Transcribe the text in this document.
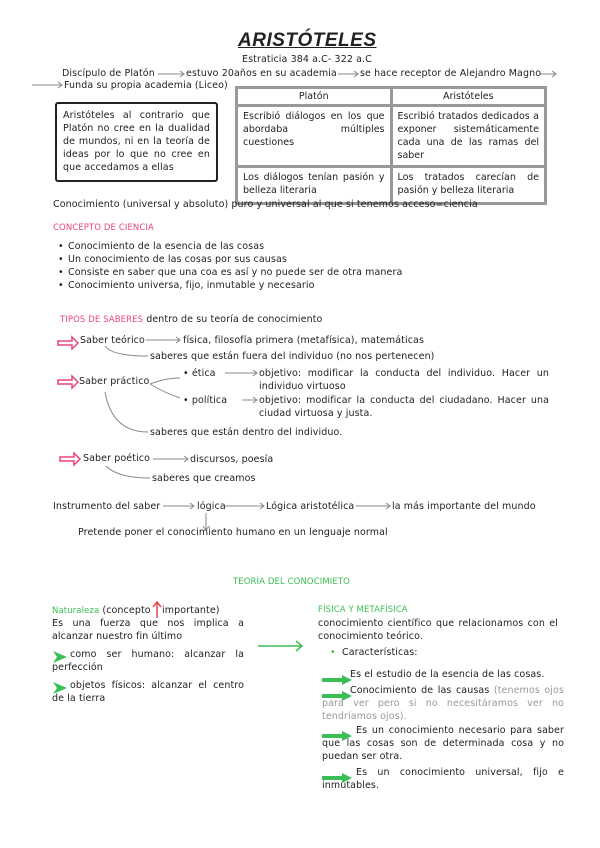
ARISTÓTELES
Estraticia 384 a.C- 322 a.C
Discípulo de Platón	estuvo 20años en su academia se hace receptor de Alejandro Magno
Funda su propia academia (Liceo)
Aristóteles al contrario que Platón no cree en la dualidad de mundos, ni en la teoría de ideas por lo que no cree en que accedamos a ellas
Platón	Aristóteles
Escribió diálogos en los que abordaba múltiples cuestiones	Escribió tratados dedicados a exponer sistemáticamente cada una de las ramas del saber
Los diálogos tenían pasión y belleza literaria	Los tratados carecían de pasión y belleza literaria
Conocimiento (universal y absoluto) puro y universal al que si tenemos acceso=ciencia
CONCEPTO DE CIENCIA
• Conocimiento de la esencia de las cosas
• Un conocimiento de las cosas por sus causas
• Consiste en saber que una coa es así y no puede ser de otra manera
• Conocimiento universa, fijo, inmutable y necesario
TIPOS DE SABERES dentro de su teoría de conocimiento
Saber teórico	física, filosofía primera (metafísica), matemáticas
saberes que están fuera del individuo (no nos pertenecen)
Saber práctico
• ética	objetivo: modificar la conducta del individuo. Hacer un individuo virtuoso
• política	objetivo: modificar la conducta del ciudadano. Hacer una ciudad virtuosa y justa.
saberes que están dentro del individuo.
Saber poético	discursos, poesía
saberes que creamos
Instrumento del saber	lógica	Lógica aristotélica	la más importante del mundo
Pretende poner el conocimiento humano en un lenguaje normal
TEORÍA DEL CONOCIMIETO
Naturaleza (concepto importante)
Es una fuerza que nos implica a alcanzar nuestro fin último
como ser humano: alcanzar la perfección
objetos físicos: alcanzar el centro de la tierra
FÍSICA Y METAFÍSICA
conocimiento científico que relacionamos con el conocimiento teórico.
• Características:
Es el estudio de la esencia de las cosas.
Conocimiento de las causas (tenemos ojos para ver pero si no necesitáramos ver no tendríamos ojos).
Es un conocimiento necesario para saber que las cosas son de determinada cosa y no puedan ser otra.
Es un conocimiento universal, fijo e inmutables.
